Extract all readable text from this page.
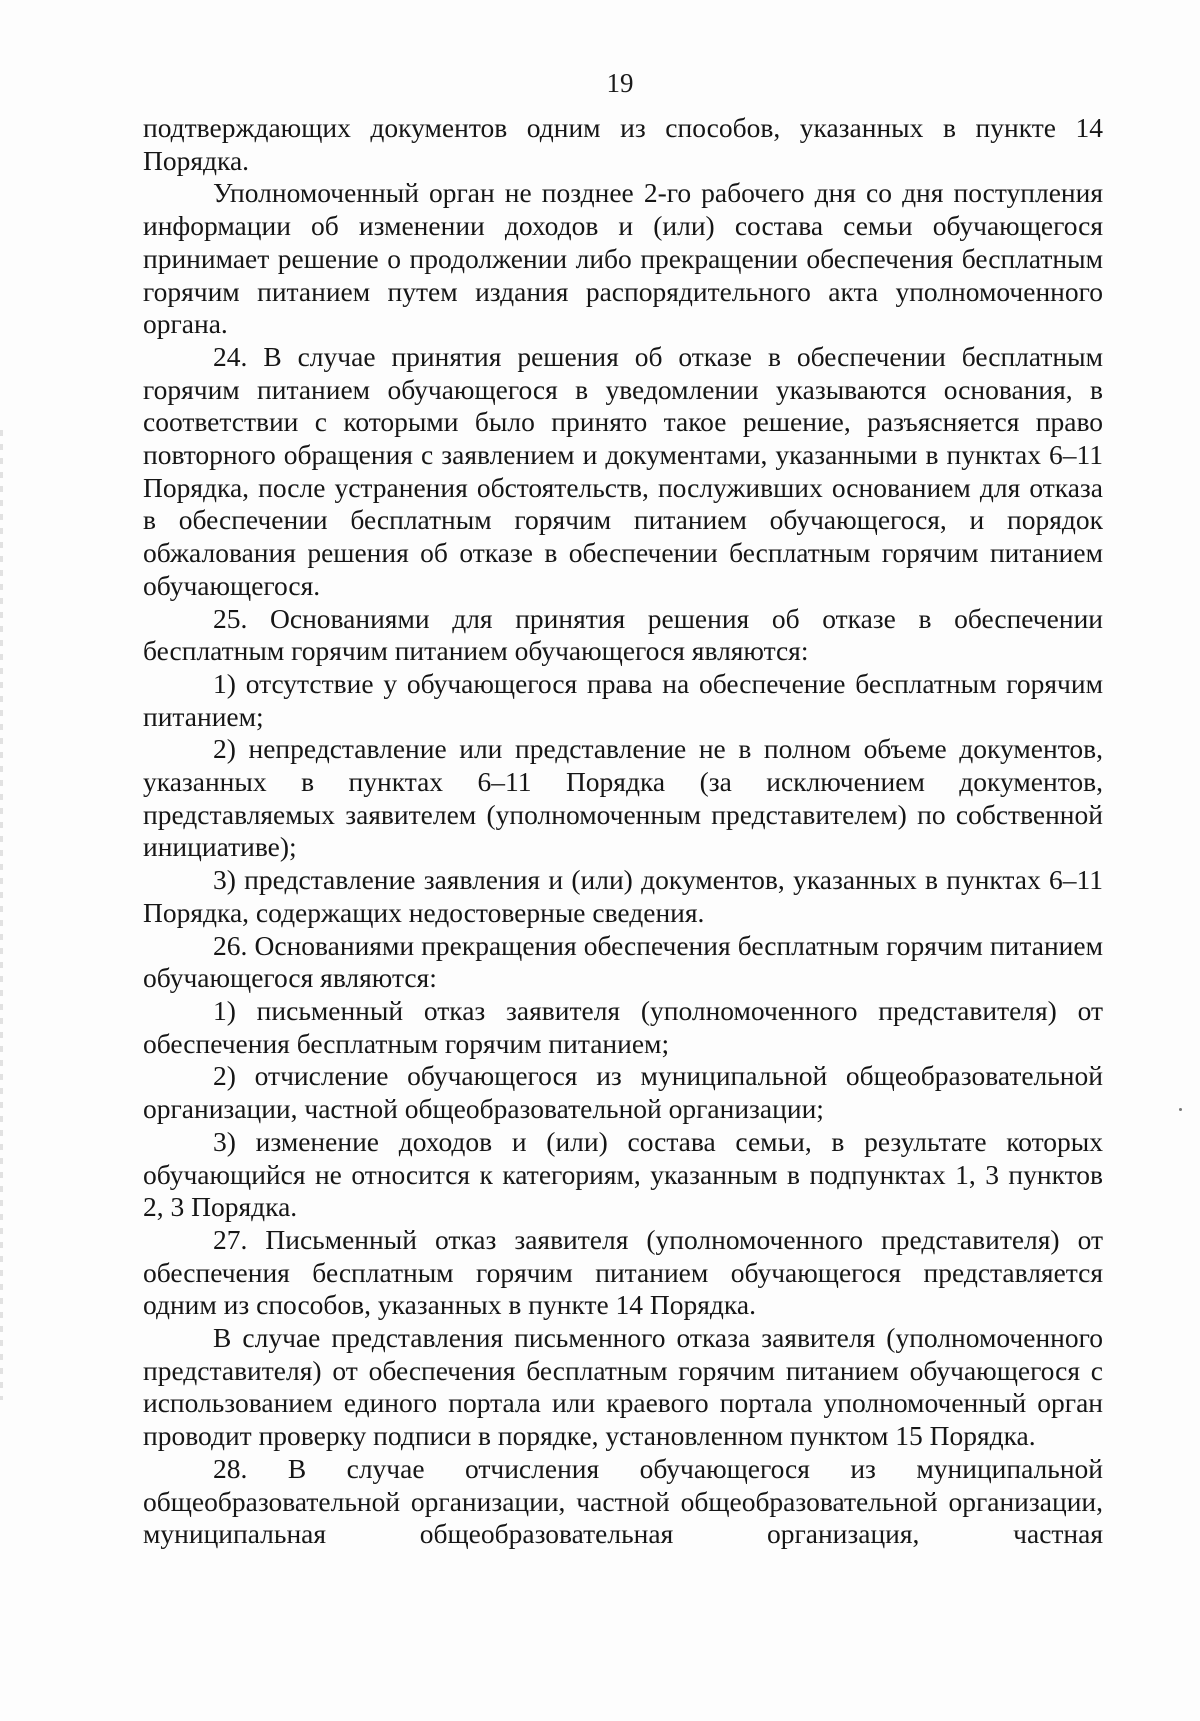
19

подтверждающих документов одним из способов, указанных в пункте 14 Порядка.

Уполномоченный орган не позднее 2-го рабочего дня со дня поступления информации об изменении доходов и (или) состава семьи обучающегося принимает решение о продолжении либо прекращении обеспечения бесплатным горячим питанием путем издания распорядительного акта уполномоченного органа.

24. В случае принятия решения об отказе в обеспечении бесплатным горячим питанием обучающегося в уведомлении указываются основания, в соответствии с которыми было принято такое решение, разъясняется право повторного обращения с заявлением и документами, указанными в пунктах 6–11 Порядка, после устранения обстоятельств, послуживших основанием для отказа в обеспечении бесплатным горячим питанием обучающегося, и порядок обжалования решения об отказе в обеспечении бесплатным горячим питанием обучающегося.

25. Основаниями для принятия решения об отказе в обеспечении бесплатным горячим питанием обучающегося являются:

1) отсутствие у обучающегося права на обеспечение бесплатным горячим питанием;

2) непредставление или представление не в полном объеме документов, указанных в пунктах 6–11 Порядка (за исключением документов, представляемых заявителем (уполномоченным представителем) по собственной инициативе);

3) представление заявления и (или) документов, указанных в пунктах 6–11 Порядка, содержащих недостоверные сведения.

26. Основаниями прекращения обеспечения бесплатным горячим питанием обучающегося являются:

1) письменный отказ заявителя (уполномоченного представителя) от обеспечения бесплатным горячим питанием;

2) отчисление обучающегося из муниципальной общеобразовательной организации, частной общеобразовательной организации;

3) изменение доходов и (или) состава семьи, в результате которых обучающийся не относится к категориям, указанным в подпунктах 1, 3 пунктов 2, 3 Порядка.

27. Письменный отказ заявителя (уполномоченного представителя) от обеспечения бесплатным горячим питанием обучающегося представляется одним из способов, указанных в пункте 14 Порядка.

В случае представления письменного отказа заявителя (уполномоченного представителя) от обеспечения бесплатным горячим питанием обучающегося с использованием единого портала или краевого портала уполномоченный орган проводит проверку подписи в порядке, установленном пунктом 15 Порядка.

28. В случае отчисления обучающегося из муниципальной общеобразовательной организации, частной общеобразовательной организации, муниципальная общеобразовательная организация, частная
